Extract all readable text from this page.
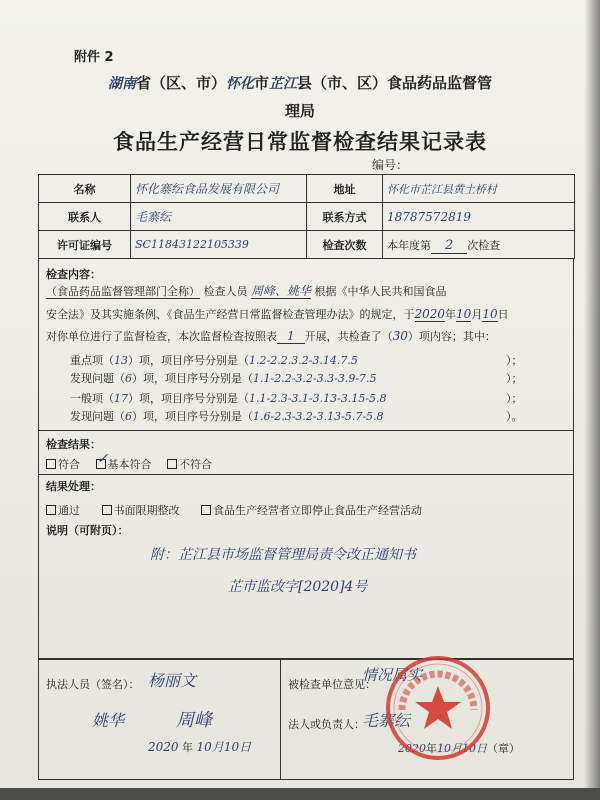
附件 2
湖南省（区、市）怀化市芷江县（市、区）食品药品监督管
理局
食品生产经营日常监督检查结果记录表
编号：
名称	怀化寨纭食品发展有限公司	地址	怀化市芷江县黄土桥村
联系人	毛寨纭	联系方式	18787572819
许可证编号	SC11843122105339	检查次数	本年度第 2 次检查
检查内容：
（食品药品监督管理部门全称） 检查人员 周峰、姚华 根据《中华人民共和国食品
安全法》及其实施条例、《食品生产经营日常监督检查管理办法》的规定，于2020年10月10日
对你单位进行了监督检查，本次监督检查按照表 1 开展，共检查了（30）项内容；其中：
重点项（13）项，项目序号分别是（1.2-2.2.3.2-3.14.7.5	）；
发现问题（6）项，项目序号分别是（1.1-2.2-3.2-3.3-3.9-7.5	）；
一般项（17）项，项目序号分别是（1.1-2.3-3.1-3.13-3.15-5.8	）；
发现问题（6）项，项目序号分别是（1.6-2.3-3.2-3.13-5.7-5.8	）。
检查结果：
符合 ✓ 基本符合	不符合
结果处理：
通过	书面限期整改	食品生产经营者立即停止食品生产经营活动
说明（可附页）：
附：芷江县市场监督管理局责令改正通知书
芷市监改字[2020]4号
执法人员（签名）： 杨丽文
姚华	周峰
2020 年 10月10日
被检查单位意见：
情况属实
法人或负责人：
毛寨纭
2020年10月10日（章）
